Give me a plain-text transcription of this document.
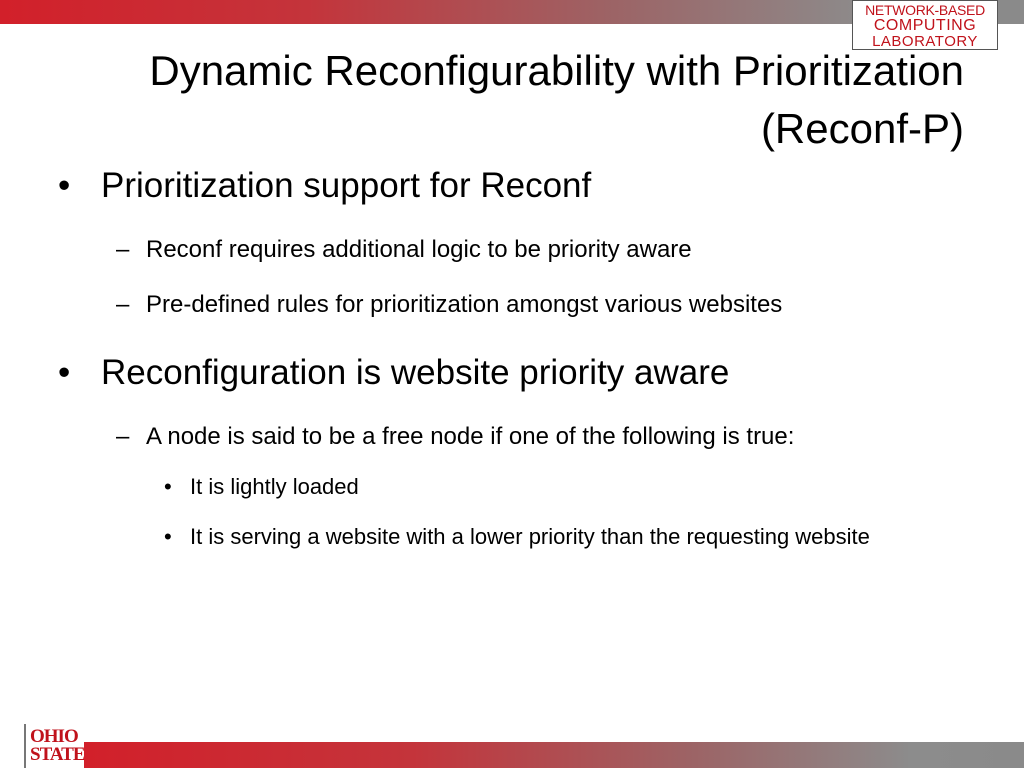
NETWORK-BASED
COMPUTING
LABORATORY
Dynamic Reconfigurability with Prioritization
(Reconf-P)
• Prioritization support for Reconf
– Reconf requires additional logic to be priority aware
– Pre-defined rules for prioritization amongst various websites
• Reconfiguration is website priority aware
– A node is said to be a free node if one of the following is true:
• It is lightly loaded
• It is serving a website with a lower priority than the requesting website
OHIO
STATE
